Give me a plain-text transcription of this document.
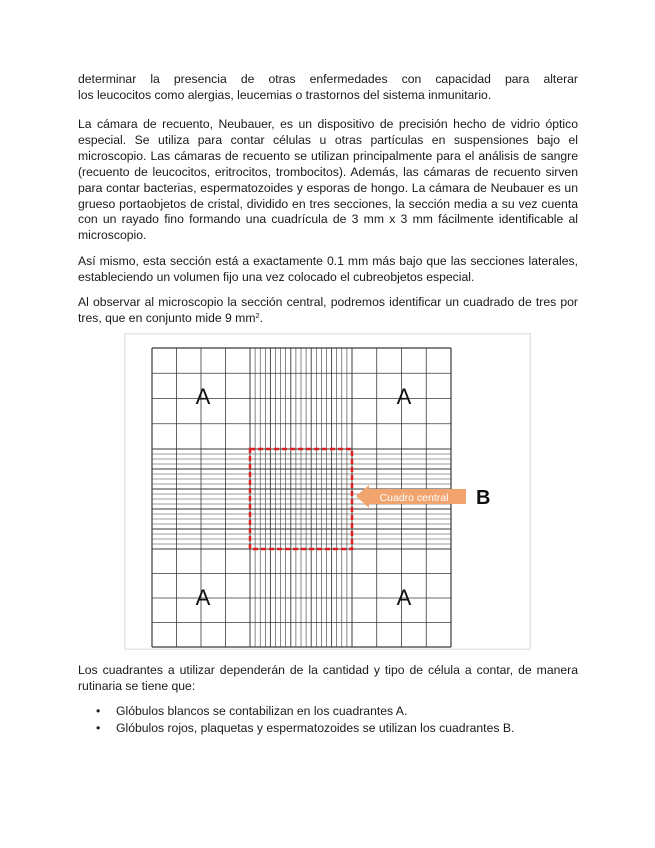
determinar la presencia de otras enfermedades con capacidad para alterar
los leucocitos como alergias, leucemias o trastornos del sistema inmunitario.

La cámara de recuento, Neubauer, es un dispositivo de precisión hecho de vidrio óptico especial. Se utiliza para contar células u otras partículas en suspensiones bajo el microscopio. Las cámaras de recuento se utilizan principalmente para el análisis de sangre (recuento de leucocitos, eritrocitos, trombocitos). Además, las cámaras de recuento sirven para contar bacterias, espermatozoides y esporas de hongo. La cámara de Neubauer es un grueso portaobjetos de cristal, dividido en tres secciones, la sección media a su vez cuenta con un rayado fino formando una cuadrícula de 3 mm x 3 mm fácilmente identificable al microscopio.

Así mismo, esta sección está a exactamente 0.1 mm más bajo que las secciones laterales, estableciendo un volumen fijo una vez colocado el cubreobjetos especial.

Al observar al microscopio la sección central, podremos identificar un cuadrado de tres por tres, que en conjunto mide 9 $mm^2$.

Cuadro central B
A	A
A	A

Los cuadrantes a utilizar dependerán de la cantidad y tipo de célula a contar, de manera rutinaria se tiene que:

• Glóbulos blancos se contabilizan en los cuadrantes A.
• Glóbulos rojos, plaquetas y espermatozoides se utilizan los cuadrantes B.
